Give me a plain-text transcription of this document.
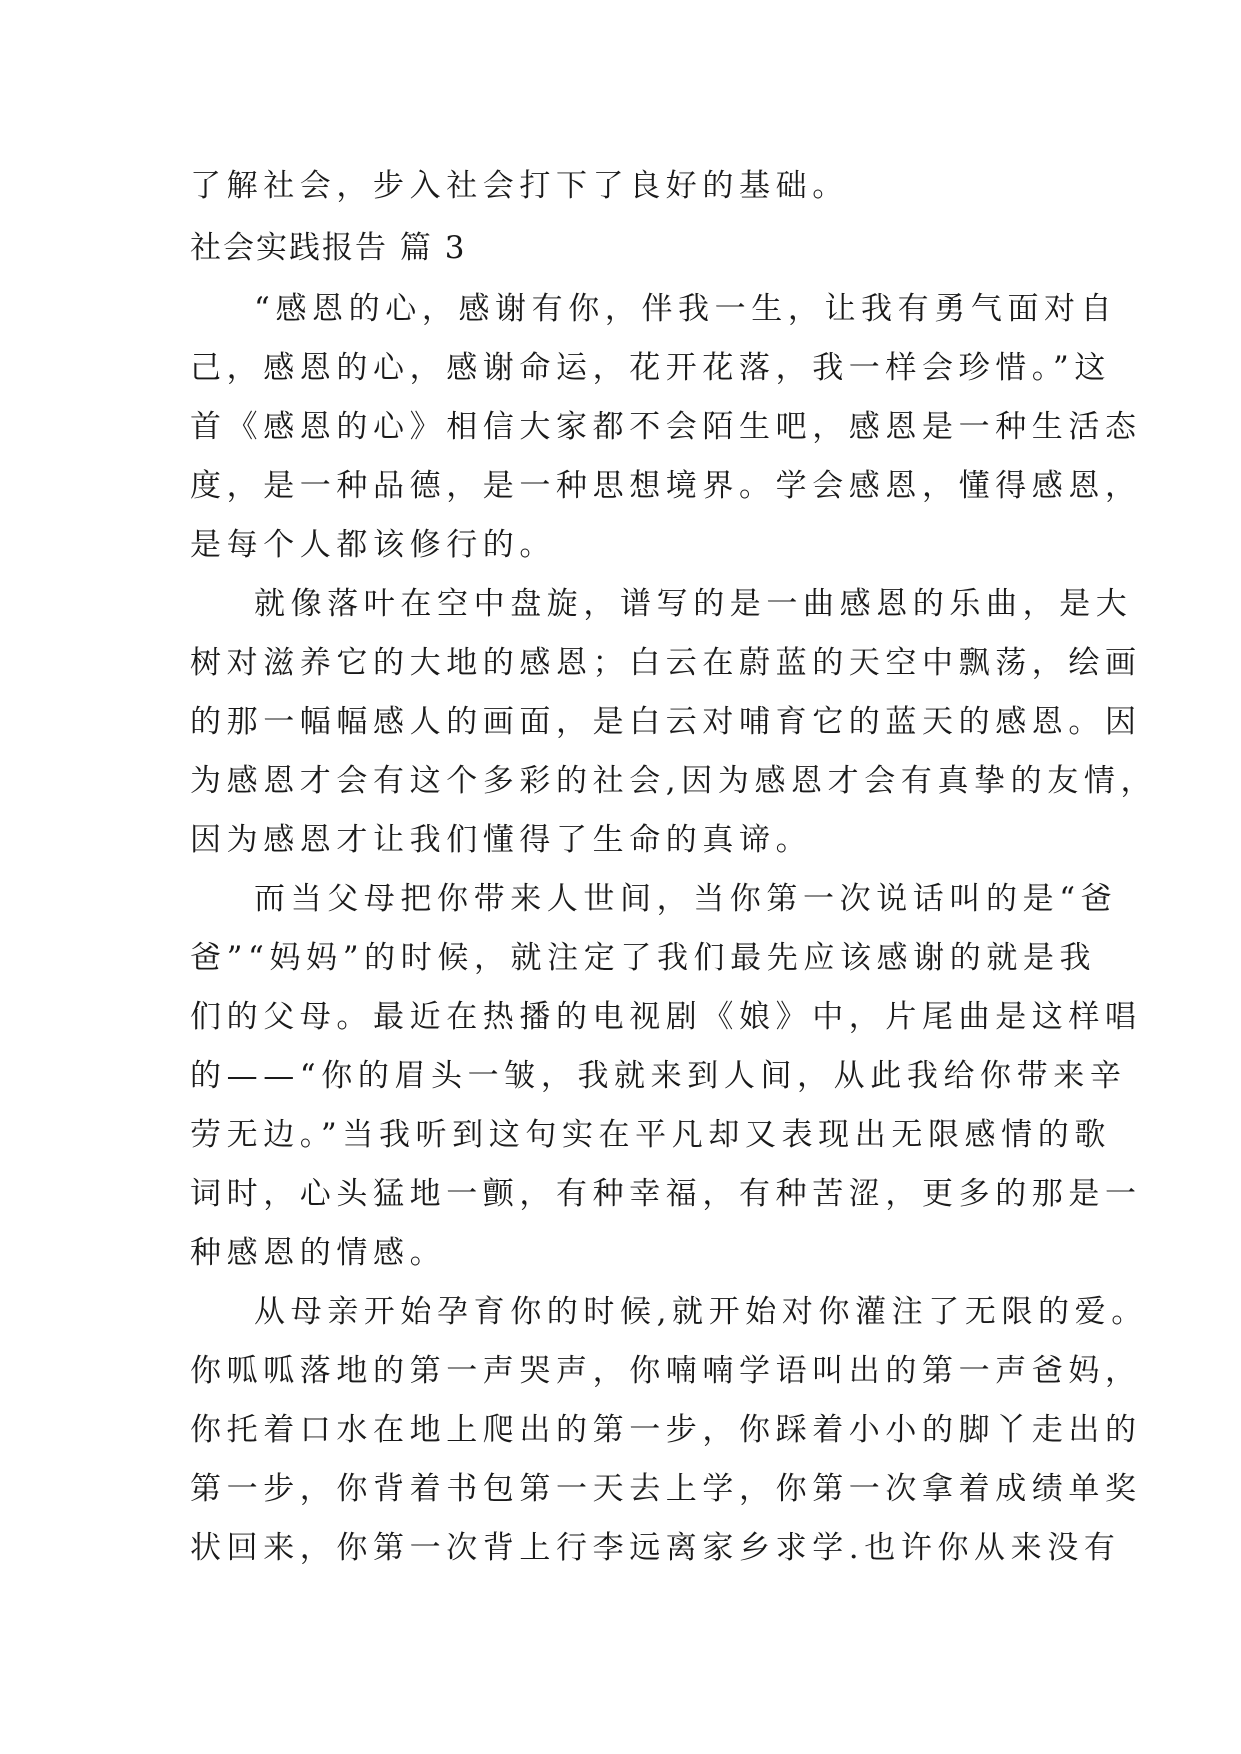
了解社会，步入社会打下了良好的基础。
社会实践报告 篇 3
“感恩的心，感谢有你，伴我一生，让我有勇气面对自
己，感恩的心，感谢命运，花开花落，我一样会珍惜。”这
首《感恩的心》相信大家都不会陌生吧，感恩是一种生活态
度，是一种品德，是一种思想境界。学会感恩，懂得感恩，
是每个人都该修行的。
就像落叶在空中盘旋，谱写的是一曲感恩的乐曲，是大
树对滋养它的大地的感恩；白云在蔚蓝的天空中飘荡，绘画
的那一幅幅感人的画面，是白云对哺育它的蓝天的感恩。因
为感恩才会有这个多彩的社会,因为感恩才会有真挚的友情，
因为感恩才让我们懂得了生命的真谛。
而当父母把你带来人世间，当你第一次说话叫的是“爸
爸”“妈妈”的时候，就注定了我们最先应该感谢的就是我
们的父母。最近在热播的电视剧《娘》中，片尾曲是这样唱
的——“你的眉头一皱，我就来到人间，从此我给你带来辛
劳无边。”当我听到这句实在平凡却又表现出无限感情的歌
词时，心头猛地一颤，有种幸福，有种苦涩，更多的那是一
种感恩的情感。
从母亲开始孕育你的时候,就开始对你灌注了无限的爱。
你呱呱落地的第一声哭声，你喃喃学语叫出的第一声爸妈，
你托着口水在地上爬出的第一步，你踩着小小的脚丫走出的
第一步，你背着书包第一天去上学，你第一次拿着成绩单奖
状回来，你第一次背上行李远离家乡求学.也许你从来没有
